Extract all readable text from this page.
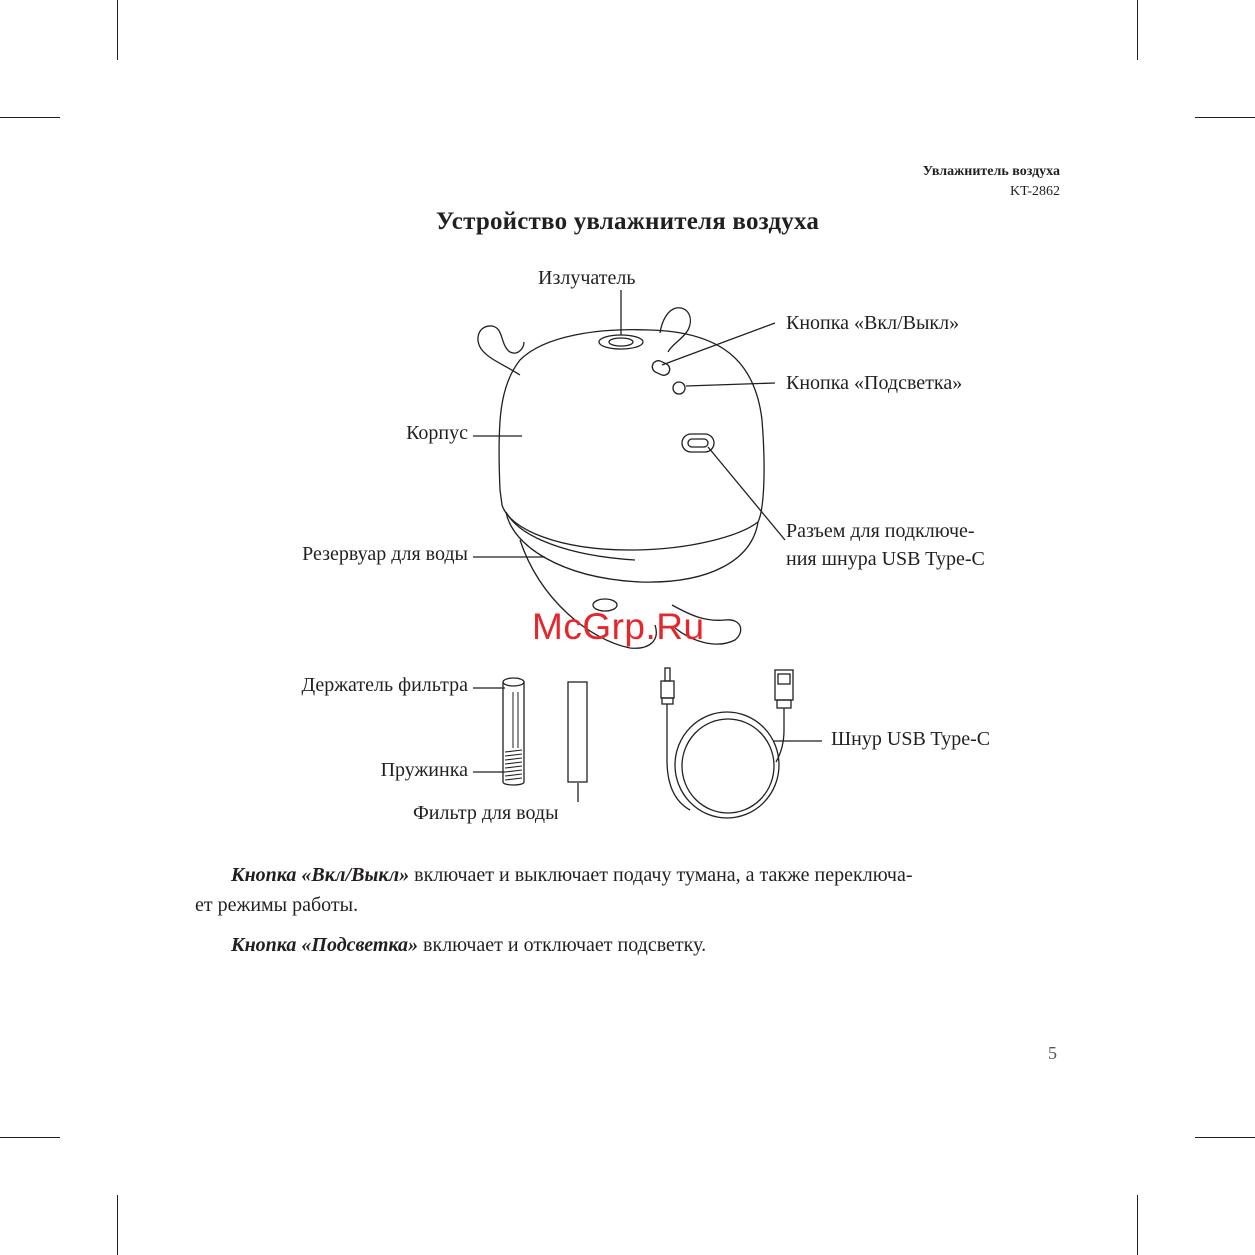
Увлажнитель воздуха
KT-2862
Устройство увлажнителя воздуха
Излучатель
Кнопка «Вкл/Выкл»
Кнопка «Подсветка»
Корпус
Разъем для подключе-
ния шнура USB Type-C
Резервуар для воды
Держатель фильтра
Пружинка
Фильтр для воды
Шнур USB Type-C
McGrp.Ru
Кнопка «Вкл/Выкл» включает и выключает подачу тумана, а также переключа-
ет режимы работы.
Кнопка «Подсветка» включает и отключает подсветку.
5
